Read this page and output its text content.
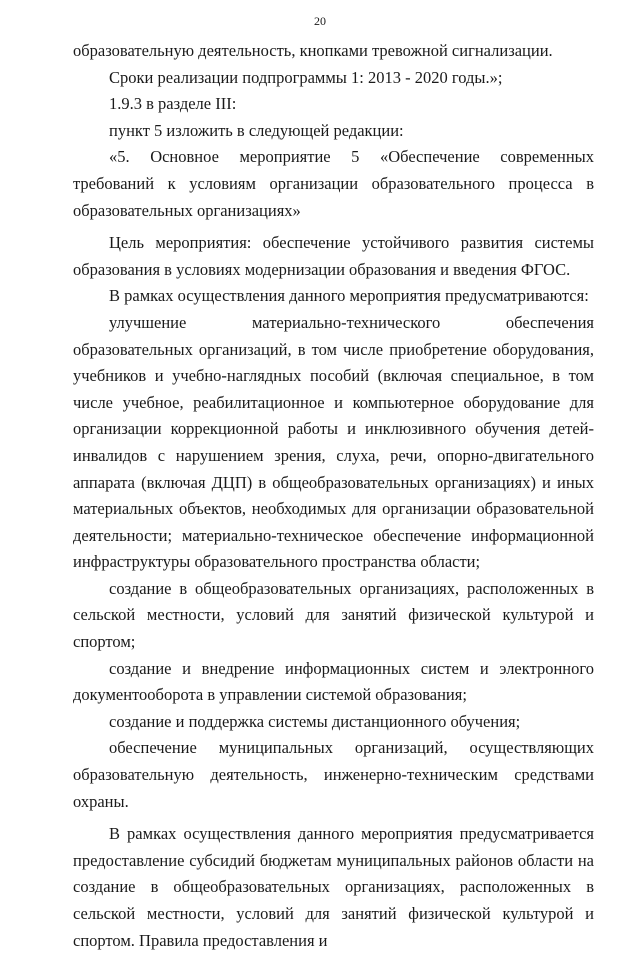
20

образовательную деятельность, кнопками тревожной сигнализации.

Сроки реализации подпрограммы 1: 2013 - 2020 годы.»;

1.9.3 в разделе III:

пункт 5 изложить в следующей редакции:

«5. Основное мероприятие 5 «Обеспечение современных требований к условиям организации образовательного процесса в образовательных организациях»

Цель мероприятия: обеспечение устойчивого развития системы образования в условиях модернизации образования и введения ФГОС.

В рамках осуществления данного мероприятия предусматриваются:

улучшение материально-технического обеспечения образовательных организаций, в том числе приобретение оборудования, учебников и учебно-наглядных пособий (включая специальное, в том числе учебное, реабилитационное и компьютерное оборудование для организации коррекционной работы и инклюзивного обучения детей-инвалидов с нарушением зрения, слуха, речи, опорно-двигательного аппарата (включая ДЦП) в общеобразовательных организациях) и иных материальных объектов, необходимых для организации образовательной деятельности; материально-техническое обеспечение информационной инфраструктуры образовательного пространства области;

создание в общеобразовательных организациях, расположенных в сельской местности, условий для занятий физической культурой и спортом;

создание и внедрение информационных систем и электронного документооборота в управлении системой образования;

создание и поддержка системы дистанционного обучения;

обеспечение муниципальных организаций, осуществляющих образовательную деятельность, инженерно-техническим средствами охраны.

В рамках осуществления данного мероприятия предусматривается предоставление субсидий бюджетам муниципальных районов области на создание в общеобразовательных организациях, расположенных в сельской местности, условий для занятий физической культурой и спортом. Правила предоставления и
